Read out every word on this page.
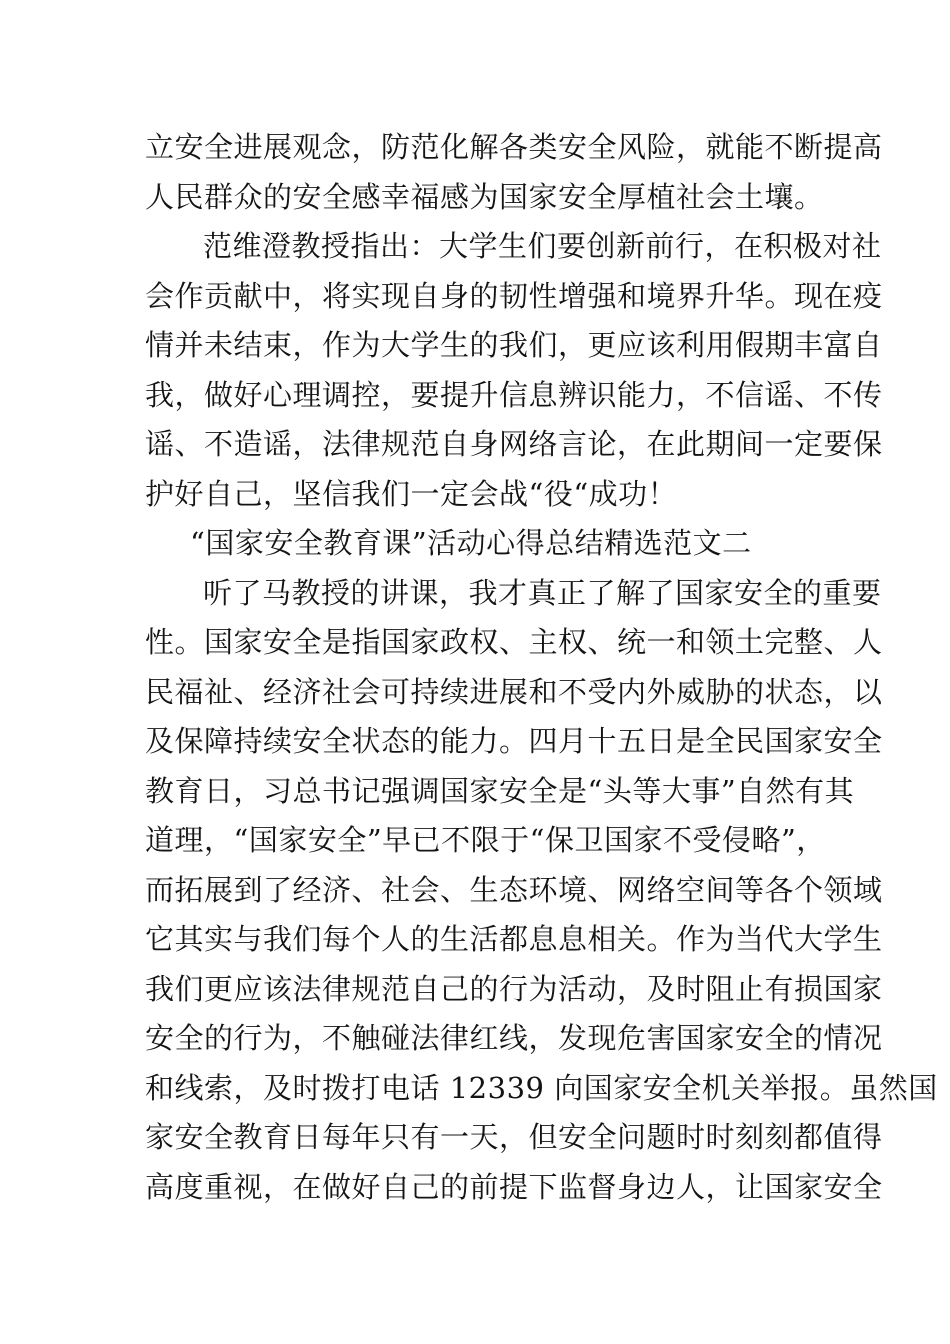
立安全进展观念，防范化解各类安全风险，就能不断提高
人民群众的安全感幸福感为国家安全厚植社会土壤。
范维澄教授指出：大学生们要创新前行，在积极对社
会作贡献中，将实现自身的韧性增强和境界升华。现在疫
情并未结束，作为大学生的我们，更应该利用假期丰富自
我，做好心理调控，要提升信息辨识能力，不信谣、不传
谣、不造谣，法律规范自身网络言论，在此期间一定要保
护好自己，坚信我们一定会战“役“成功！
“国家安全教育课”活动心得总结精选范文二
听了马教授的讲课，我才真正了解了国家安全的重要
性。国家安全是指国家政权、主权、统一和领土完整、人
民福祉、经济社会可持续进展和不受内外威胁的状态，以
及保障持续安全状态的能力。四月十五日是全民国家安全
教育日，习总书记强调国家安全是“头等大事”自然有其
道理，“国家安全”早已不限于“保卫国家不受侵略”，
而拓展到了经济、社会、生态环境、网络空间等各个领域
它其实与我们每个人的生活都息息相关。作为当代大学生
我们更应该法律规范自己的行为活动，及时阻止有损国家
安全的行为，不触碰法律红线，发现危害国家安全的情况
和线索，及时拨打电话 12339 向国家安全机关举报。虽然国
家安全教育日每年只有一天，但安全问题时时刻刻都值得
高度重视，在做好自己的前提下监督身边人，让国家安全
